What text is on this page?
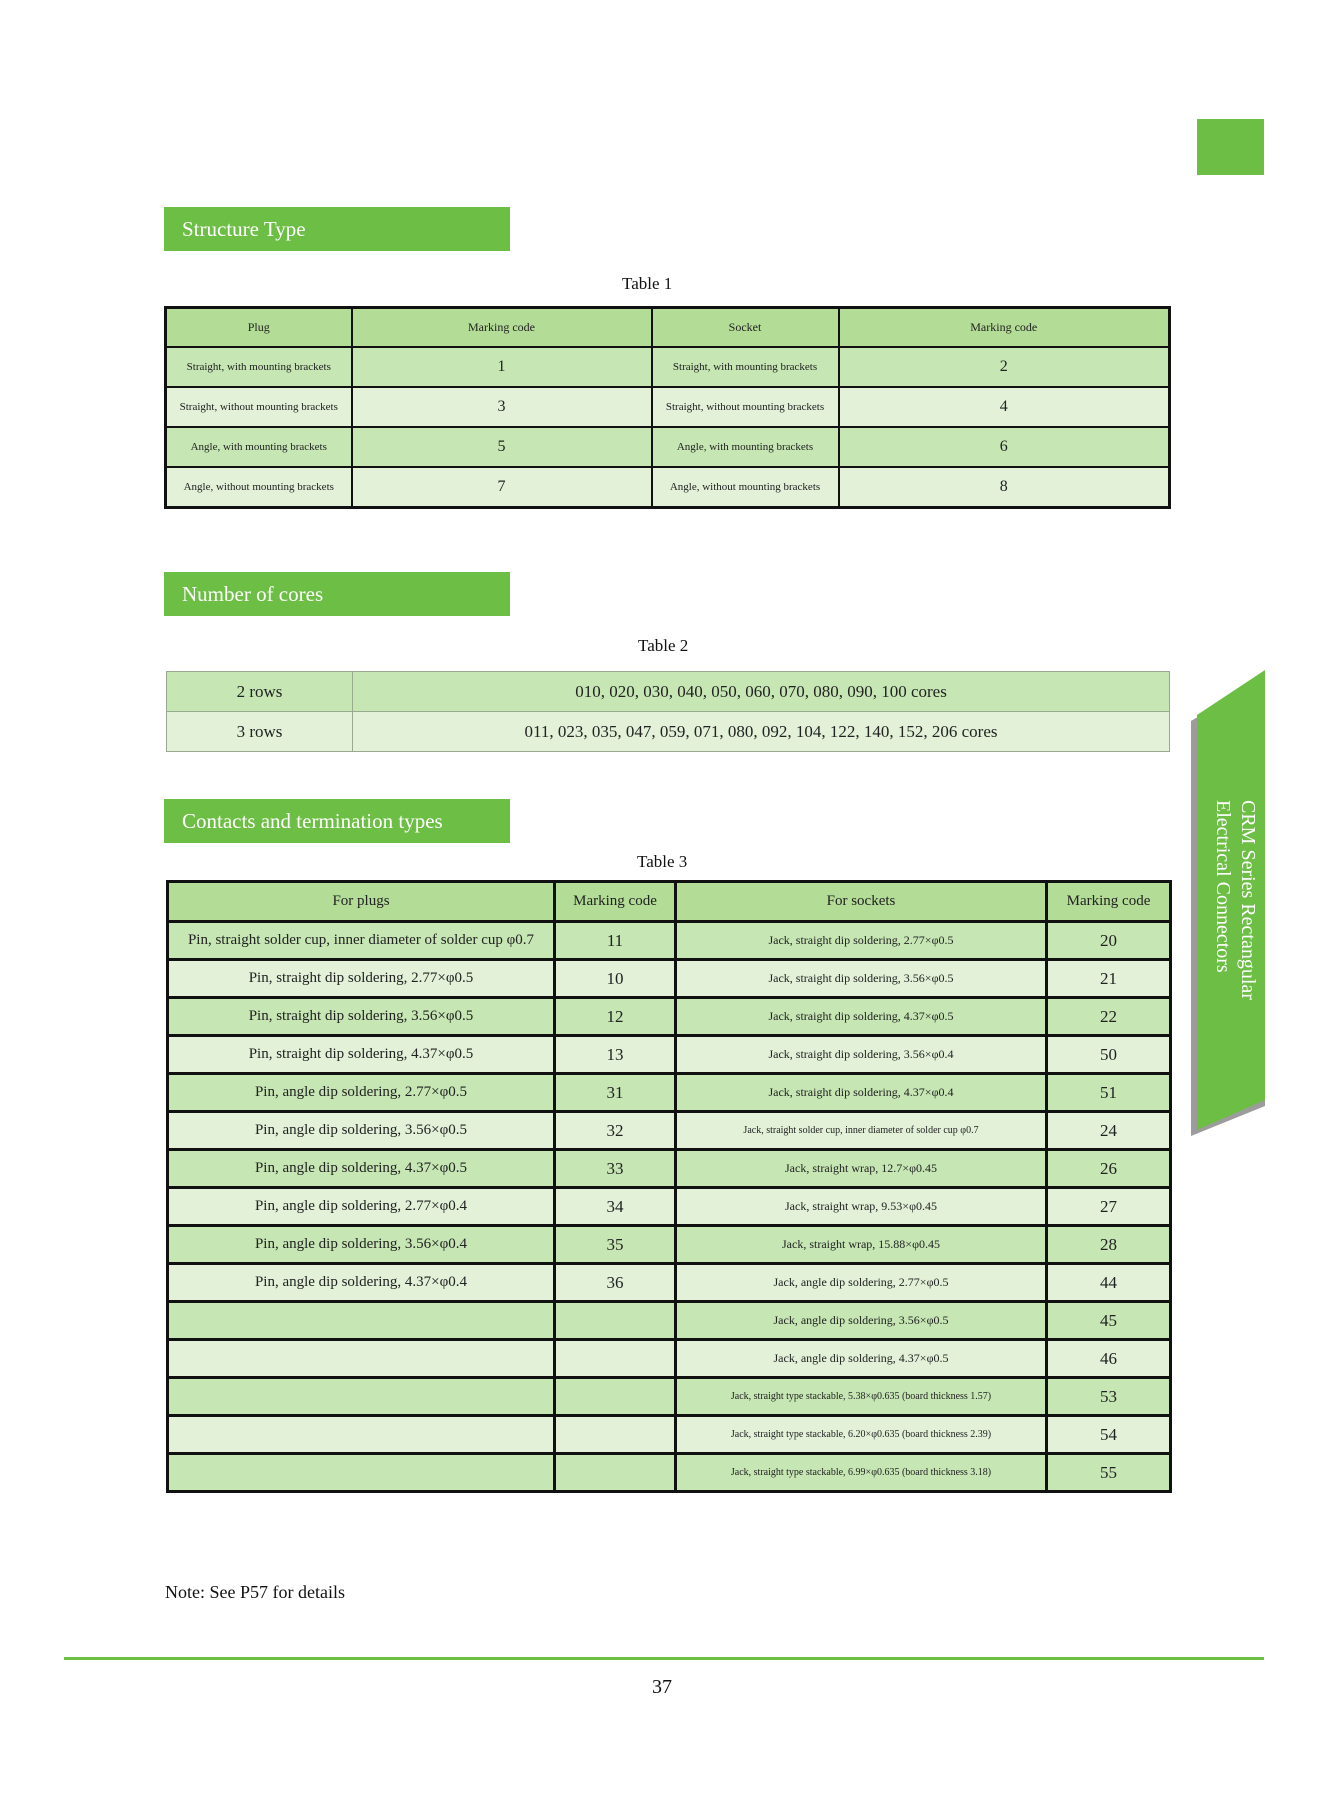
Structure Type
Table 1
Plug	Marking code	Socket	Marking code
Straight, with mounting brackets	1	Straight, with mounting brackets	2
Straight, without mounting brackets	3	Straight, without mounting brackets	4
Angle, with mounting brackets	5	Angle, with mounting brackets	6
Angle, without mounting brackets	7	Angle, without mounting brackets	8
Number of cores
Table 2
2 rows	010, 020, 030, 040, 050, 060, 070, 080, 090, 100 cores
3 rows	011, 023, 035, 047, 059, 071, 080, 092, 104, 122, 140, 152, 206 cores
Contacts and termination types
Table 3
For plugs	Marking code	For sockets	Marking code
Pin, straight solder cup, inner diameter of solder cup φ0.7	11	Jack, straight dip soldering, 2.77×φ0.5	20
Pin, straight dip soldering, 2.77×φ0.5	10	Jack, straight dip soldering, 3.56×φ0.5	21
Pin, straight dip soldering, 3.56×φ0.5	12	Jack, straight dip soldering, 4.37×φ0.5	22
Pin, straight dip soldering, 4.37×φ0.5	13	Jack, straight dip soldering, 3.56×φ0.4	50
Pin, angle dip soldering, 2.77×φ0.5	31	Jack, straight dip soldering, 4.37×φ0.4	51
Pin, angle dip soldering, 3.56×φ0.5	32	Jack, straight solder cup, inner diameter of solder cup φ0.7	24
Pin, angle dip soldering, 4.37×φ0.5	33	Jack, straight wrap, 12.7×φ0.45	26
Pin, angle dip soldering, 2.77×φ0.4	34	Jack, straight wrap, 9.53×φ0.45	27
Pin, angle dip soldering, 3.56×φ0.4	35	Jack, straight wrap, 15.88×φ0.45	28
Pin, angle dip soldering, 4.37×φ0.4	36	Jack, angle dip soldering, 2.77×φ0.5	44
		Jack, angle dip soldering, 3.56×φ0.5	45
		Jack, angle dip soldering, 4.37×φ0.5	46
		Jack, straight type stackable, 5.38×φ0.635 (board thickness 1.57)	53
		Jack, straight type stackable, 6.20×φ0.635 (board thickness 2.39)	54
		Jack, straight type stackable, 6.99×φ0.635 (board thickness 3.18)	55
CRM Series Rectangular
Electrical Connectors
Note: See P57 for details
37
